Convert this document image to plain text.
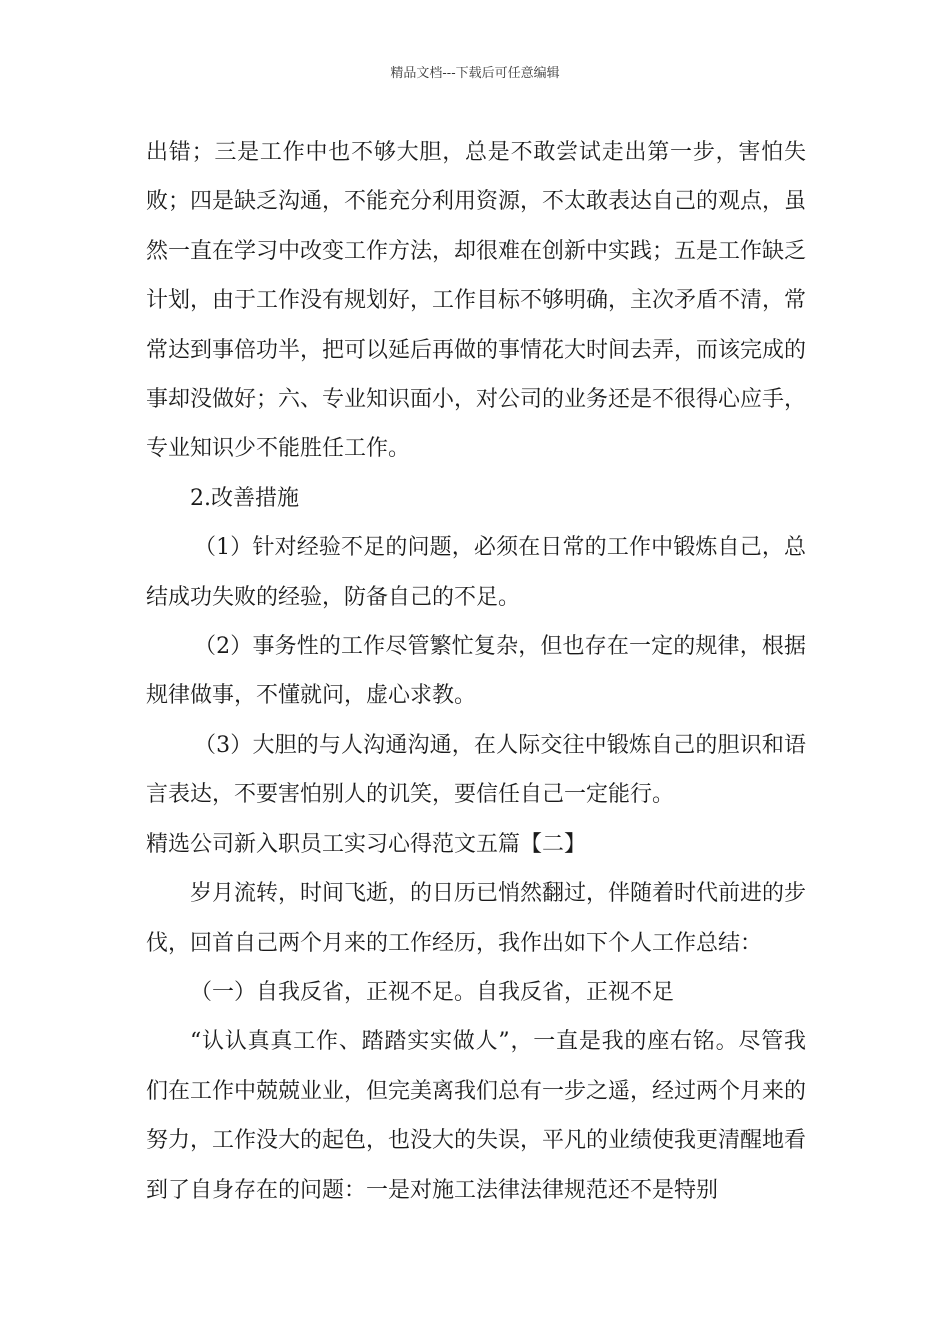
精品文档---下载后可任意编辑

出错；三是工作中也不够大胆，总是不敢尝试走出第一步，害怕失败；四是缺乏沟通，不能充分利用资源，不太敢表达自己的观点，虽然一直在学习中改变工作方法，却很难在创新中实践；五是工作缺乏计划，由于工作没有规划好，工作目标不够明确，主次矛盾不清，常常达到事倍功半，把可以延后再做的事情花大时间去弄，而该完成的事却没做好；六、专业知识面小，对公司的业务还是不很得心应手，专业知识少不能胜任工作。

2.改善措施

（1）针对经验不足的问题，必须在日常的工作中锻炼自己，总结成功失败的经验，防备自己的不足。

（2）事务性的工作尽管繁忙复杂，但也存在一定的规律，根据规律做事，不懂就问，虚心求教。

（3）大胆的与人沟通沟通，在人际交往中锻炼自己的胆识和语言表达，不要害怕别人的讥笑，要信任自己一定能行。

精选公司新入职员工实习心得范文五篇【二】

岁月流转，时间飞逝，的日历已悄然翻过，伴随着时代前进的步伐，回首自己两个月来的工作经历，我作出如下个人工作总结：

（一）自我反省，正视不足。自我反省，正视不足

“认认真真工作、踏踏实实做人”，一直是我的座右铭。尽管我们在工作中兢兢业业，但完美离我们总有一步之遥，经过两个月来的努力，工作没大的起色，也没大的失误，平凡的业绩使我更清醒地看到了自身存在的问题：一是对施工法律法律规范还不是特别
